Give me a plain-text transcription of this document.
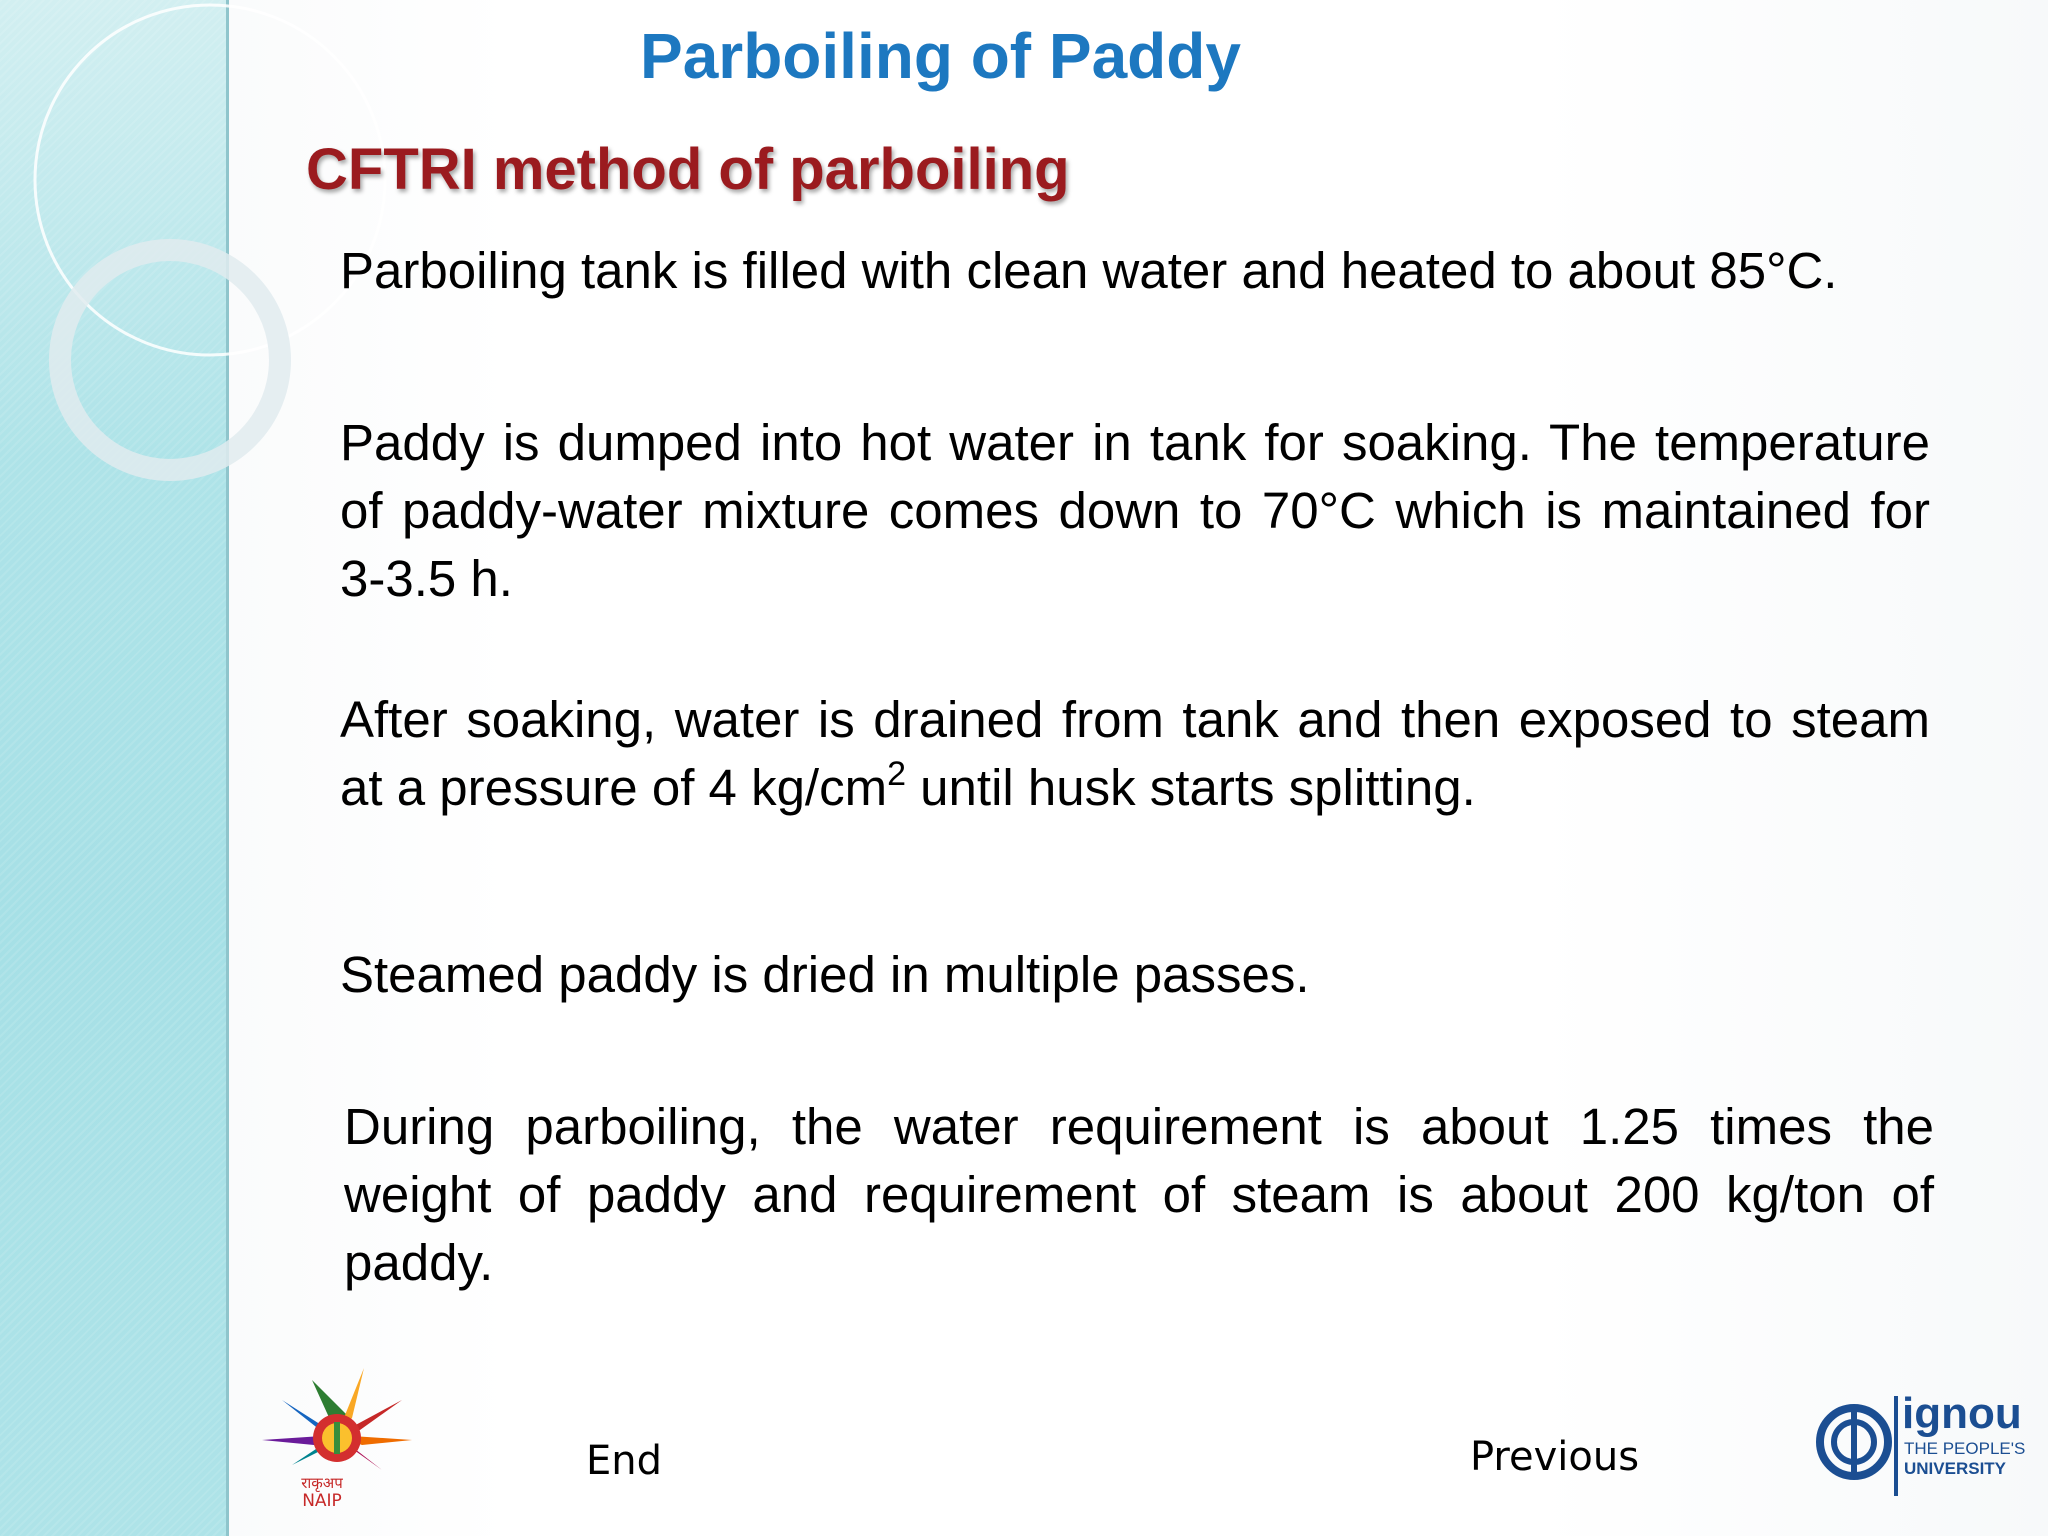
Parboiling of Paddy
CFTRI method of parboiling

Parboiling tank is filled with clean water and heated to about 85°C.

Paddy is dumped into hot water in tank for soaking. The temperature of paddy-water mixture comes down to 70°C which is maintained for 3-3.5 h.

After soaking, water is drained from tank and then exposed to steam at a pressure of 4 $kg/cm^2$ until husk starts splitting.

Steamed paddy is dried in multiple passes.

During parboiling, the water requirement is about 1.25 times the weight of paddy and requirement of steam is about 200 kg/ton of paddy.

राकृअप
NAIP
End	Previous
ignou
THE PEOPLE'S
UNIVERSITY
